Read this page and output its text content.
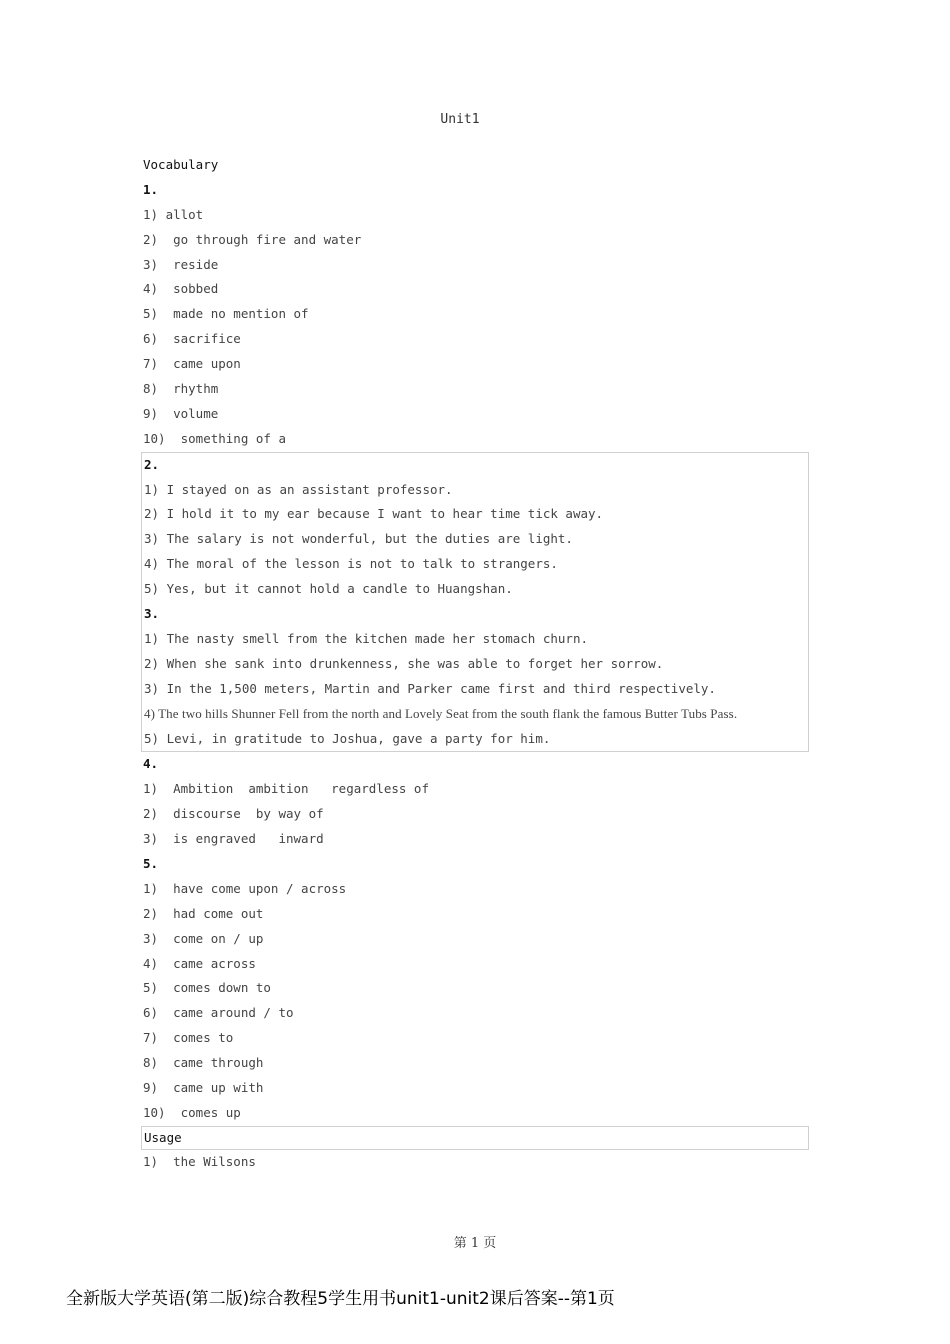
Unit1
Vocabulary
1.
1) allot
2)  go through fire and water
3)  reside
4)  sobbed
5)  made no mention of
6)  sacrifice
7)  came upon
8)  rhythm
9)  volume
10)  something of a
2.
1) I stayed on as an assistant professor.
2) I hold it to my ear because I want to hear time tick away.
3) The salary is not wonderful, but the duties are light.
4) The moral of the lesson is not to talk to strangers.
5) Yes, but it cannot hold a candle to Huangshan.
3.
1) The nasty smell from the kitchen made her stomach churn.
2) When she sank into drunkenness, she was able to forget her sorrow.
3) In the 1,500 meters, Martin and Parker came first and third respectively.
4) The two hills Shunner Fell from the north and Lovely Seat from the south flank the famous Butter Tubs Pass.
5) Levi, in gratitude to Joshua, gave a party for him.
4.
1)  Ambition  ambition   regardless of
2)  discourse  by way of
3)  is engraved   inward
5.
1)  have come upon / across
2)  had come out
3)  come on / up
4)  came across
5)  comes down to
6)  came around / to
7)  comes to
8)  came through
9)  came up with
10)  comes up
Usage
1)  the Wilsons
第 1 页
全新版大学英语(第二版)综合教程5学生用书unit1-unit2课后答案--第1页
